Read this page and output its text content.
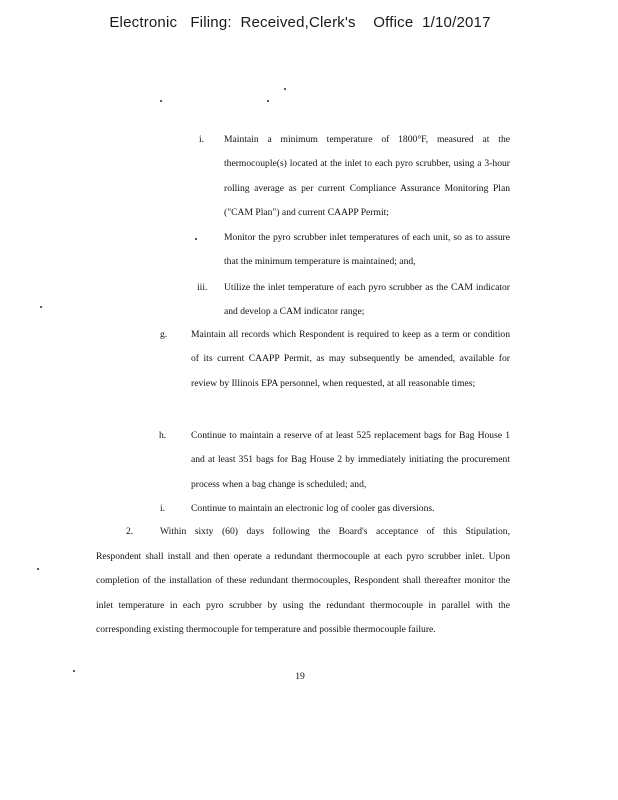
Electronic Filing: Received,Clerk's Office 1/10/2017
i. Maintain a minimum temperature of 1800°F, measured at the thermocouple(s) located at the inlet to each pyro scrubber, using a 3-hour rolling average as per current Compliance Assurance Monitoring Plan ("CAM Plan") and current CAAPP Permit;

Monitor the pyro scrubber inlet temperatures of each unit, so as to assure that the minimum temperature is maintained; and,

iii. Utilize the inlet temperature of each pyro scrubber as the CAM indicator and develop a CAM indicator range;

g. Maintain all records which Respondent is required to keep as a term or condition of its current CAAPP Permit, as may subsequently be amended, available for review by Illinois EPA personnel, when requested, at all reasonable times;

h.	Continue to maintain a reserve of at least 525 replacement bags for Bag House 1 and at least 351 bags for Bag House 2 by immediately initiating the procurement process when a bag change is scheduled; and,

i.	Continue to maintain an electronic log of cooler gas diversions.

2.	Within sixty (60) days following the Board's acceptance of this Stipulation,

Respondent shall install and then operate a redundant thermocouple at each pyro scrubber inlet. Upon completion of the installation of these redundant thermocouples, Respondent shall thereafter monitor the inlet temperature in each pyro scrubber by using the redundant thermocouple in parallel with the corresponding existing thermocouple for temperature and possible thermocouple failure.

19
